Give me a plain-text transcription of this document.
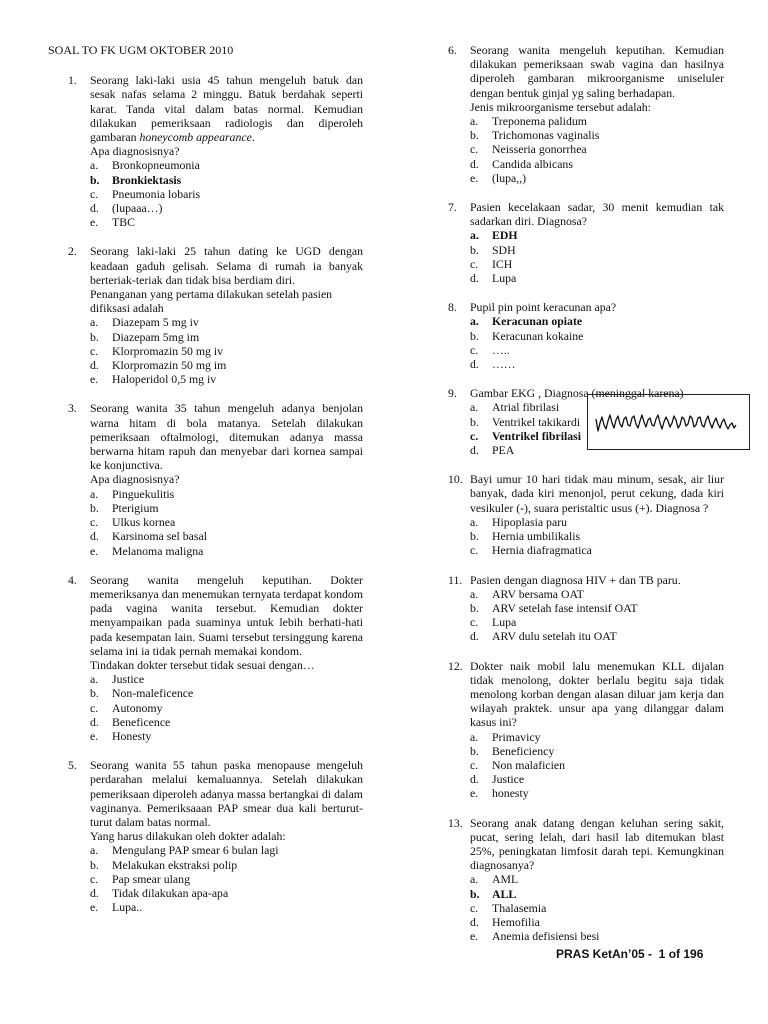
SOAL TO FK UGM OKTOBER 2010
1.	Seorang laki-laki usia 45 tahun mengeluh batuk dan sesak nafas selama 2 minggu. Batuk berdahak seperti karat. Tanda vital dalam batas normal. Kemudian dilakukan pemeriksaan radiologis dan diperoleh gambaran honeycomb appearance.
Apa diagnosisnya?
a.	Bronkopneumonia
b.	Bronkiektasis
c.	Pneumonia lobaris
d.	(lupaaa…)
e.	TBC
2.	Seorang laki-laki 25 tahun dating ke UGD dengan keadaan gaduh gelisah. Selama di rumah ia banyak berteriak-teriak dan tidak bisa berdiam diri.
Penanganan yang pertama dilakukan setelah pasien difiksasi adalah
a.	Diazepam 5 mg iv
b.	Diazepam 5mg im
c.	Klorpromazin 50 mg iv
d.	Klorpromazin 50 mg im
e.	Haloperidol 0,5 mg iv
3.	Seorang wanita 35 tahun mengeluh adanya benjolan warna hitam di bola matanya. Setelah dilakukan pemeriksaan oftalmologi, ditemukan adanya massa berwarna hitam rapuh dan menyebar dari kornea sampai ke konjunctiva.
Apa diagnosisnya?
a.	Pinguekulitis
b.	Pterigium
c.	Ulkus kornea
d.	Karsinoma sel basal
e.	Melanoma maligna
4.	Seorang wanita mengeluh keputihan. Dokter memeriksanya dan menemukan ternyata terdapat kondom pada vagina wanita tersebut. Kemudian dokter menyampaikan pada suaminya untuk lebih berhati-hati pada kesempatan lain. Suami tersebut tersinggung karena selama ini ia tidak pernah memakai kondom.
Tindakan dokter tersebut tidak sesuai dengan…
a.	Justice
b.	Non-maleficence
c.	Autonomy
d.	Beneficence
e.	Honesty
5.	Seorang wanita 55 tahun paska menopause mengeluh perdarahan melalui kemaluannya. Setelah dilakukan pemeriksaan diperoleh adanya massa bertangkai di dalam vaginanya. Pemeriksaaan PAP smear dua kali berturut-turut dalam batas normal.
Yang harus dilakukan oleh dokter adalah:
a.	Mengulang PAP smear 6 bulan lagi
b.	Melakukan ekstraksi polip
c.	Pap smear ulang
d.	Tidak dilakukan apa-apa
e.	Lupa..
6.	Seorang wanita mengeluh keputihan. Kemudian dilakukan pemeriksaan swab vagina dan hasilnya diperoleh gambaran mikroorganisme uniseluler dengan bentuk ginjal yg saling berhadapan.
Jenis mikroorganisme tersebut adalah:
a.	Treponema palidum
b.	Trichomonas vaginalis
c.	Neisseria gonorrhea
d.	Candida albicans
e.	(lupa,,)
7.	Pasien kecelakaan sadar, 30 menit kemudian tak sadarkan diri. Diagnosa?
a.	EDH
b.	SDH
c.	ICH
d.	Lupa
8.	Pupil pin point keracunan apa?
a.	Keracunan opiate
b.	Keracunan kokaine
c.	…..
d.	……
9.	Gambar EKG , Diagnosa (meninggal karena)
a.	Atrial fibrilasi
b.	Ventrikel takikardi
c.	Ventrikel fibrilasi
d.	PEA
10. Bayi umur 10 hari tidak mau minum, sesak, air liur banyak, dada kiri menonjol, perut cekung, dada kiri vesikuler (-), suara peristaltic usus (+). Diagnosa ?
a.	Hipoplasia paru
b.	Hernia umbilikalis
c.	Hernia diafragmatica
11. Pasien dengan diagnosa HIV + dan TB paru.
a.	ARV bersama OAT
b.	ARV setelah fase intensif OAT
c.	Lupa
d.	ARV dulu setelah itu OAT
12. Dokter naik mobil lalu menemukan KLL dijalan tidak menolong, dokter berlalu begitu saja tidak menolong korban dengan alasan diluar jam kerja dan wilayah praktek. unsur apa yang dilanggar dalam kasus ini?
a.	Primavicy
b.	Beneficiency
c.	Non malaficien
d.	Justice
e.	honesty
13. Seorang anak datang dengan keluhan sering sakit, pucat, sering lelah, dari hasil lab ditemukan blast 25%, peningkatan limfosit darah tepi. Kemungkinan diagnosanya?
a.	AML
b.	ALL
c.	Thalasemia
d.	Hemofilia
e.	Anemia defisiensi besi
PRAS KetAn’05 -  1 of 196
